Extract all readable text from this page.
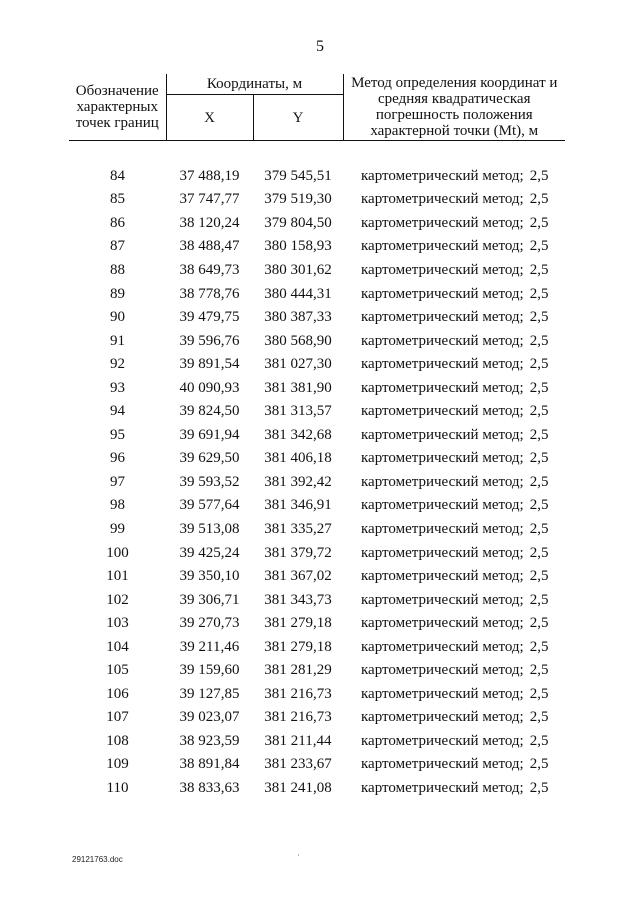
5
Обозначение характерных точек границ	Координаты, м		Метод определения координат и средняя квадратическая погрешность положения характерной точки (Mt), м
	X	Y	

84	37 488,19	379 545,51	картометрический метод; 2,5
85	37 747,77	379 519,30	картометрический метод; 2,5
86	38 120,24	379 804,50	картометрический метод; 2,5
87	38 488,47	380 158,93	картометрический метод; 2,5
88	38 649,73	380 301,62	картометрический метод; 2,5
89	38 778,76	380 444,31	картометрический метод; 2,5
90	39 479,75	380 387,33	картометрический метод; 2,5
91	39 596,76	380 568,90	картометрический метод; 2,5
92	39 891,54	381 027,30	картометрический метод; 2,5
93	40 090,93	381 381,90	картометрический метод; 2,5
94	39 824,50	381 313,57	картометрический метод; 2,5
95	39 691,94	381 342,68	картометрический метод; 2,5
96	39 629,50	381 406,18	картометрический метод; 2,5
97	39 593,52	381 392,42	картометрический метод; 2,5
98	39 577,64	381 346,91	картометрический метод; 2,5
99	39 513,08	381 335,27	картометрический метод; 2,5
100	39 425,24	381 379,72	картометрический метод; 2,5
101	39 350,10	381 367,02	картометрический метод; 2,5
102	39 306,71	381 343,73	картометрический метод; 2,5
103	39 270,73	381 279,18	картометрический метод; 2,5
104	39 211,46	381 279,18	картометрический метод; 2,5
105	39 159,60	381 281,29	картометрический метод; 2,5
106	39 127,85	381 216,73	картометрический метод; 2,5
107	39 023,07	381 216,73	картометрический метод; 2,5
108	38 923,59	381 211,44	картометрический метод; 2,5
109	38 891,84	381 233,67	картометрический метод; 2,5
110	38 833,63	381 241,08	картометрический метод; 2,5
29121763.doc	·
